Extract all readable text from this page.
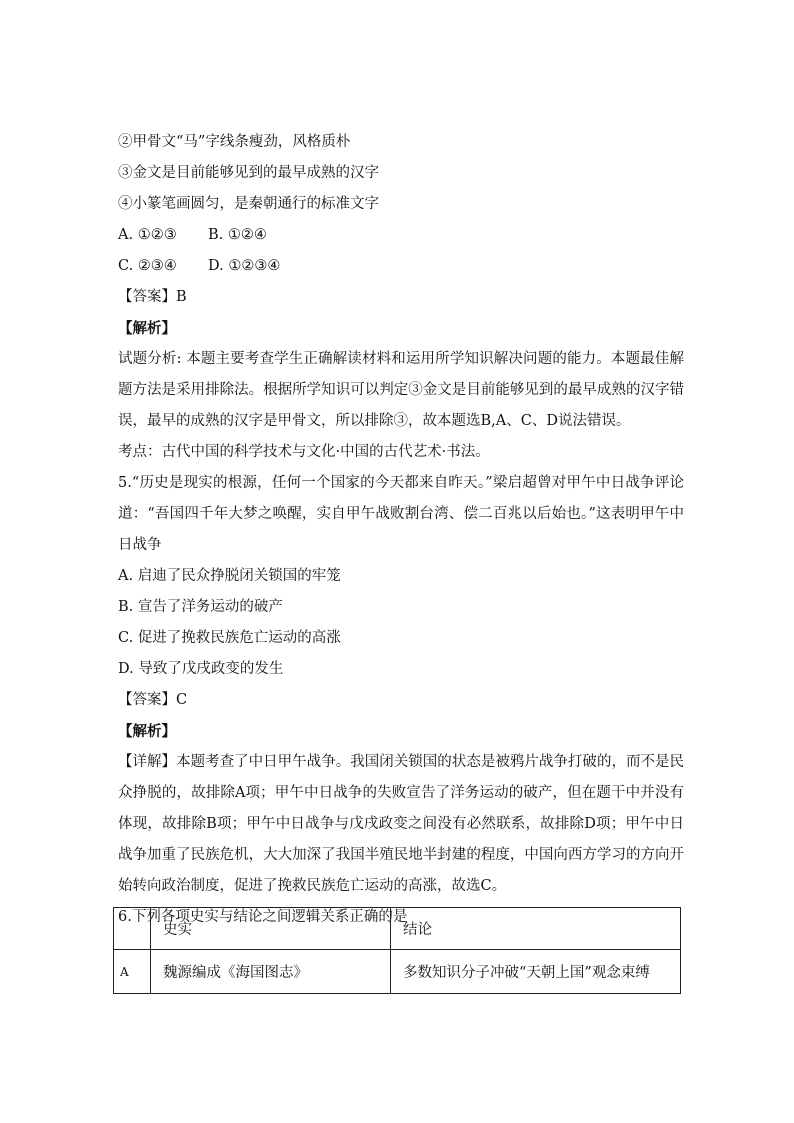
②甲骨文“马”字线条瘦劲，风格质朴
③金文是目前能够见到的最早成熟的汉字
④小篆笔画圆匀，是秦朝通行的标准文字
A. ①②③ B. ①②④
C. ②③④ D. ①②③④
【答案】B
【解析】
试题分析: 本题主要考查学生正确解读材料和运用所学知识解决问题的能力。本题最佳解题方法是采用排除法。根据所学知识可以判定③金文是目前能够见到的最早成熟的汉字错误，最早的成熟的汉字是甲骨文，所以排除③，故本题选B,A、C、D说法错误。
考点：古代中国的科学技术与文化·中国的古代艺术·书法。
5.“历史是现实的根源，任何一个国家的今天都来自昨天。”梁启超曾对甲午中日战争评论道：“吾国四千年大梦之唤醒，实自甲午战败割台湾、偿二百兆以后始也。”这表明甲午中日战争
A. 启迪了民众挣脱闭关锁国的牢笼
B. 宣告了洋务运动的破产
C. 促进了挽救民族危亡运动的高涨
D. 导致了戊戌政变的发生
【答案】C
【解析】
【详解】本题考查了中日甲午战争。我国闭关锁国的状态是被鸦片战争打破的，而不是民众挣脱的，故排除A项；甲午中日战争的失败宣告了洋务运动的破产，但在题干中并没有体现，故排除B项；甲午中日战争与戊戌政变之间没有必然联系，故排除D项；甲午中日战争加重了民族危机，大大加深了我国半殖民地半封建的程度，中国向西方学习的方向开始转向政治制度，促进了挽救民族危亡运动的高涨，故选C。
6.下列各项史实与结论之间逻辑关系正确的是
	史实	结论
A	魏源编成《海国图志》	多数知识分子冲破“天朝上国”观念束缚
